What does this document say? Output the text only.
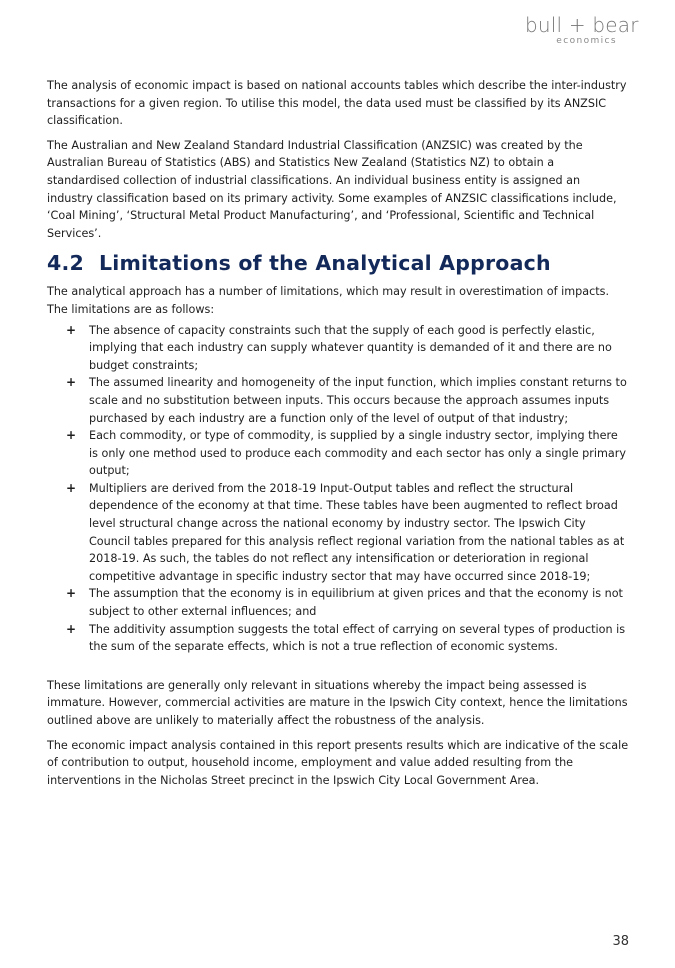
bull + bear
economics

The analysis of economic impact is based on national accounts tables which describe the inter-industry transactions for a given region. To utilise this model, the data used must be classified by its ANZSIC classification.

The Australian and New Zealand Standard Industrial Classification (ANZSIC) was created by the Australian Bureau of Statistics (ABS) and Statistics New Zealand (Statistics NZ) to obtain a standardised collection of industrial classifications. An individual business entity is assigned an industry classification based on its primary activity. Some examples of ANZSIC classifications include, ‘Coal Mining’, ‘Structural Metal Product Manufacturing’, and ‘Professional, Scientific and Technical Services’.

4.2 Limitations of the Analytical Approach

The analytical approach has a number of limitations, which may result in overestimation of impacts. The limitations are as follows:

+ The absence of capacity constraints such that the supply of each good is perfectly elastic, implying that each industry can supply whatever quantity is demanded of it and there are no budget constraints;
+ The assumed linearity and homogeneity of the input function, which implies constant returns to scale and no substitution between inputs. This occurs because the approach assumes inputs purchased by each industry are a function only of the level of output of that industry;
+ Each commodity, or type of commodity, is supplied by a single industry sector, implying there is only one method used to produce each commodity and each sector has only a single primary output;
+ Multipliers are derived from the 2018-19 Input-Output tables and reflect the structural dependence of the economy at that time. These tables have been augmented to reflect broad level structural change across the national economy by industry sector. The Ipswich City Council tables prepared for this analysis reflect regional variation from the national tables as at 2018-19. As such, the tables do not reflect any intensification or deterioration in regional competitive advantage in specific industry sector that may have occurred since 2018-19;
+ The assumption that the economy is in equilibrium at given prices and that the economy is not subject to other external influences; and
+ The additivity assumption suggests the total effect of carrying on several types of production is the sum of the separate effects, which is not a true reflection of economic systems.

These limitations are generally only relevant in situations whereby the impact being assessed is immature. However, commercial activities are mature in the Ipswich City context, hence the limitations outlined above are unlikely to materially affect the robustness of the analysis.

The economic impact analysis contained in this report presents results which are indicative of the scale of contribution to output, household income, employment and value added resulting from the interventions in the Nicholas Street precinct in the Ipswich City Local Government Area.

38
